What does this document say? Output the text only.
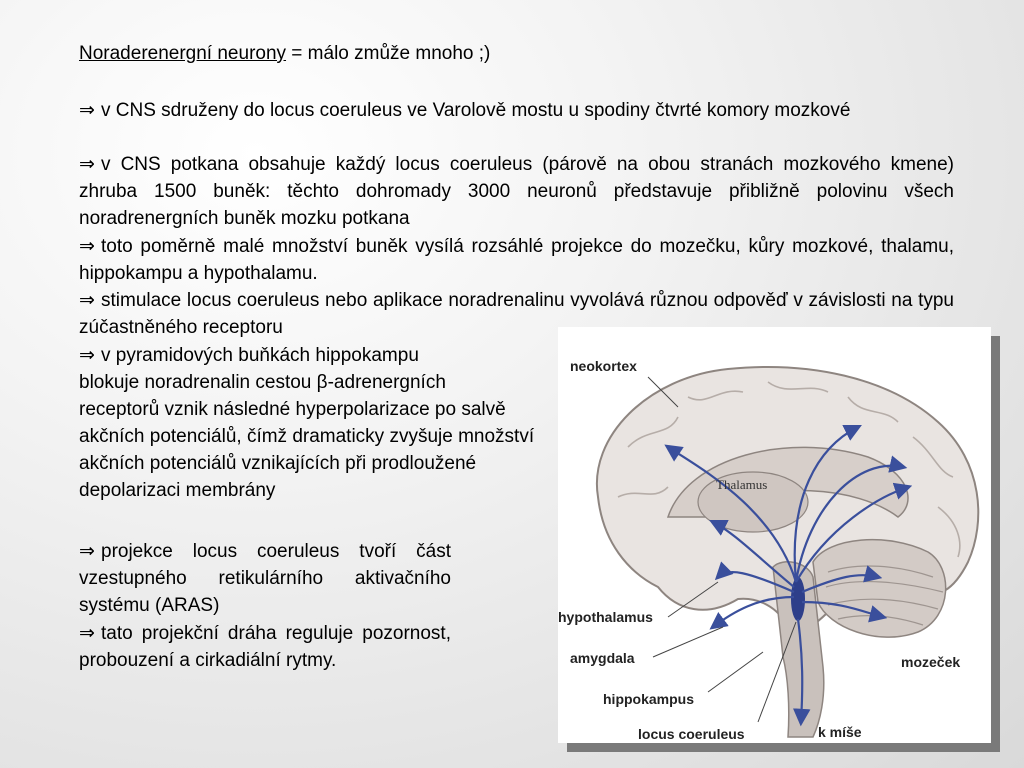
Noraderenergní neurony = málo zmůže mnoho ;)
⇒ v CNS sdruženy do locus coeruleus ve Varolově mostu u spodiny čtvrté komory mozkové
⇒ v CNS potkana obsahuje každý locus coeruleus (párově na obou stranách mozkového kmene) zhruba 1500 buněk: těchto dohromady 3000 neuronů představuje přibližně polovinu všech noradrenergních buněk mozku potkana
⇒ toto poměrně malé množství buněk vysílá rozsáhlé projekce do mozečku, kůry mozkové, thalamu, hippokampu a hypothalamu.
⇒ stimulace locus coeruleus nebo aplikace noradrenalinu vyvolává různou odpověď v závislosti na typu zúčastněného receptoru
⇒ v pyramidových buňkách hippokampu
blokuje noradrenalin cestou β-adrenergních
receptorů vznik následné hyperpolarizace po salvě akčních potenciálů, čímž dramaticky zvyšuje množství akčních potenciálů vznikajících při prodloužené depolarizaci membrány
⇒ projekce locus coeruleus tvoří část vzestupného retikulárního aktivačního systému (ARAS)
⇒ tato projekční dráha reguluje pozornost, probouzení a cirkadiální rytmy.
neokortex
Thalamus
hypothalamus
amygdala	mozeček
hippokampus
locus coeruleus	k míše
